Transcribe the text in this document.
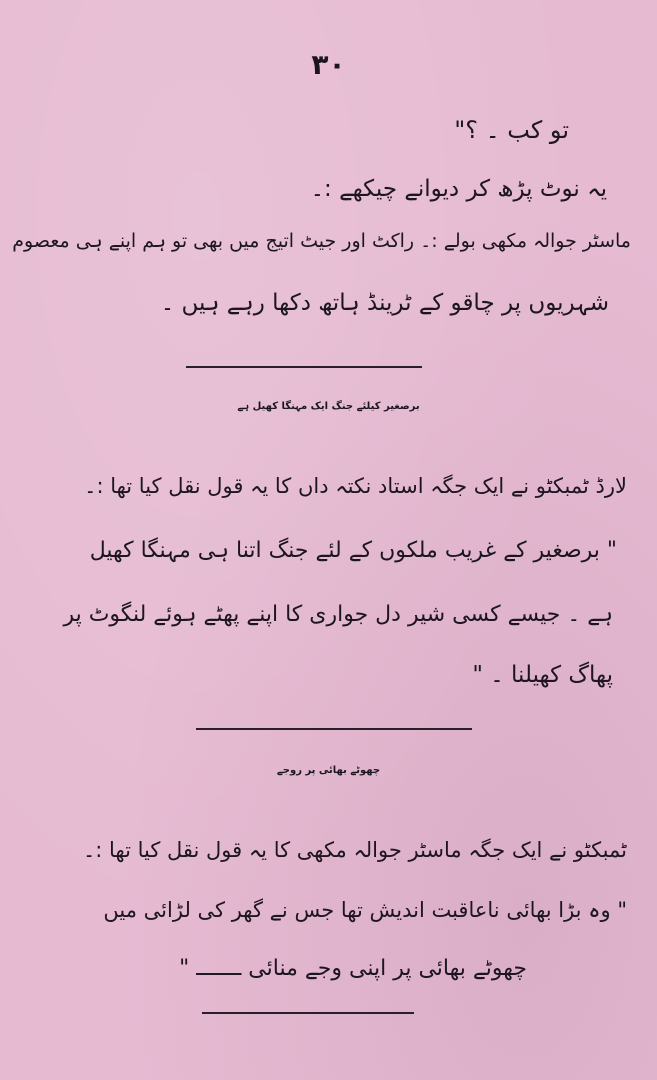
۳۰
تو کب ۔ ؟"
یہ نوٹ پڑھ کر دیوانے چیکھے :۔
ماسٹر جوالہ مکھی بولے :۔ راکٹ اور جیٹ اتیج میں بھی تو ہم اپنے ہی معصوم
شہریوں پر چاقو کے ٹرینڈ ہاتھ دکھا رہے ہیں ۔
برصغیر کیلئے جنگ ایک مہنگا کھیل ہے
لارڈ ٹمبکٹو نے ایک جگہ استاد نکتہ داں کا یہ قول نقل کیا تھا :۔
" برصغیر کے غریب ملکوں کے لئے جنگ اتنا ہی مہنگا کھیل
ہے ۔ جیسے کسی شیر دل جواری کا اپنے پھٹے ہوئے لنگوٹ پر
پھاگ کھیلنا ۔ "
چھوٹے بھائی پر روجے
ٹمبکٹو نے ایک جگہ ماسٹر جوالہ مکھی کا یہ قول نقل کیا تھا :۔
" وہ بڑا بھائی ناعاقبت اندیش تھا جس نے گھر کی لڑائی میں
چھوٹے بھائی پر اپنی وجے منائی ـــــــ "
